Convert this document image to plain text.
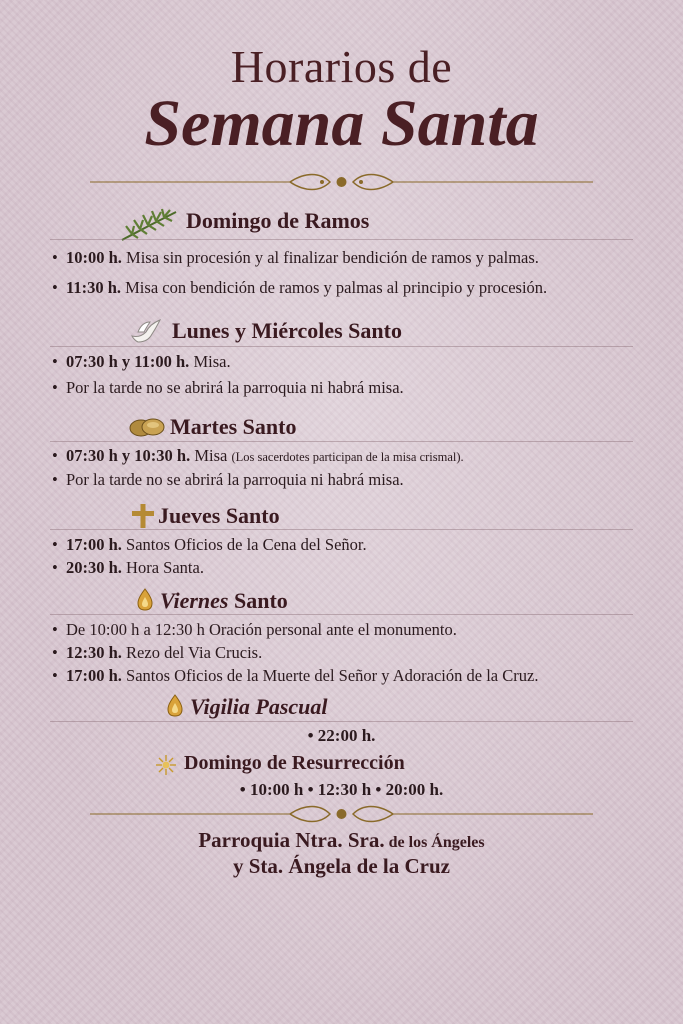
Horarios de
Semana Santa
Domingo de Ramos
• 10:00 h. Misa sin procesión y al finalizar bendición de ramos y palmas.
• 11:30 h. Misa con bendición de ramos y palmas al principio y procesión.
Lunes y Miércoles Santo
• 07:30 h y 11:00 h. Misa.
• Por la tarde no se abrirá la parroquia ni habrá misa.
Martes Santo
• 07:30 h y 10:30 h. Misa (Los sacerdotes participan de la misa crismal).
• Por la tarde no se abrirá la parroquia ni habrá misa.
Jueves Santo
• 17:00 h. Santos Oficios de la Cena del Señor.
• 20:30 h. Hora Santa.
Viernes Santo
• De 10:00 h a 12:30 h Oración personal ante el monumento.
• 12:30 h. Rezo del Via Crucis.
• 17:00 h. Santos Oficios de la Muerte del Señor y Adoración de la Cruz.
Vigilia Pascual
• 22:00 h.
Domingo de Resurrección
• 10:00 h • 12:30 h • 20:00 h.
Parroquia Ntra. Sra. de los Ángeles
y Sta. Ángela de la Cruz
